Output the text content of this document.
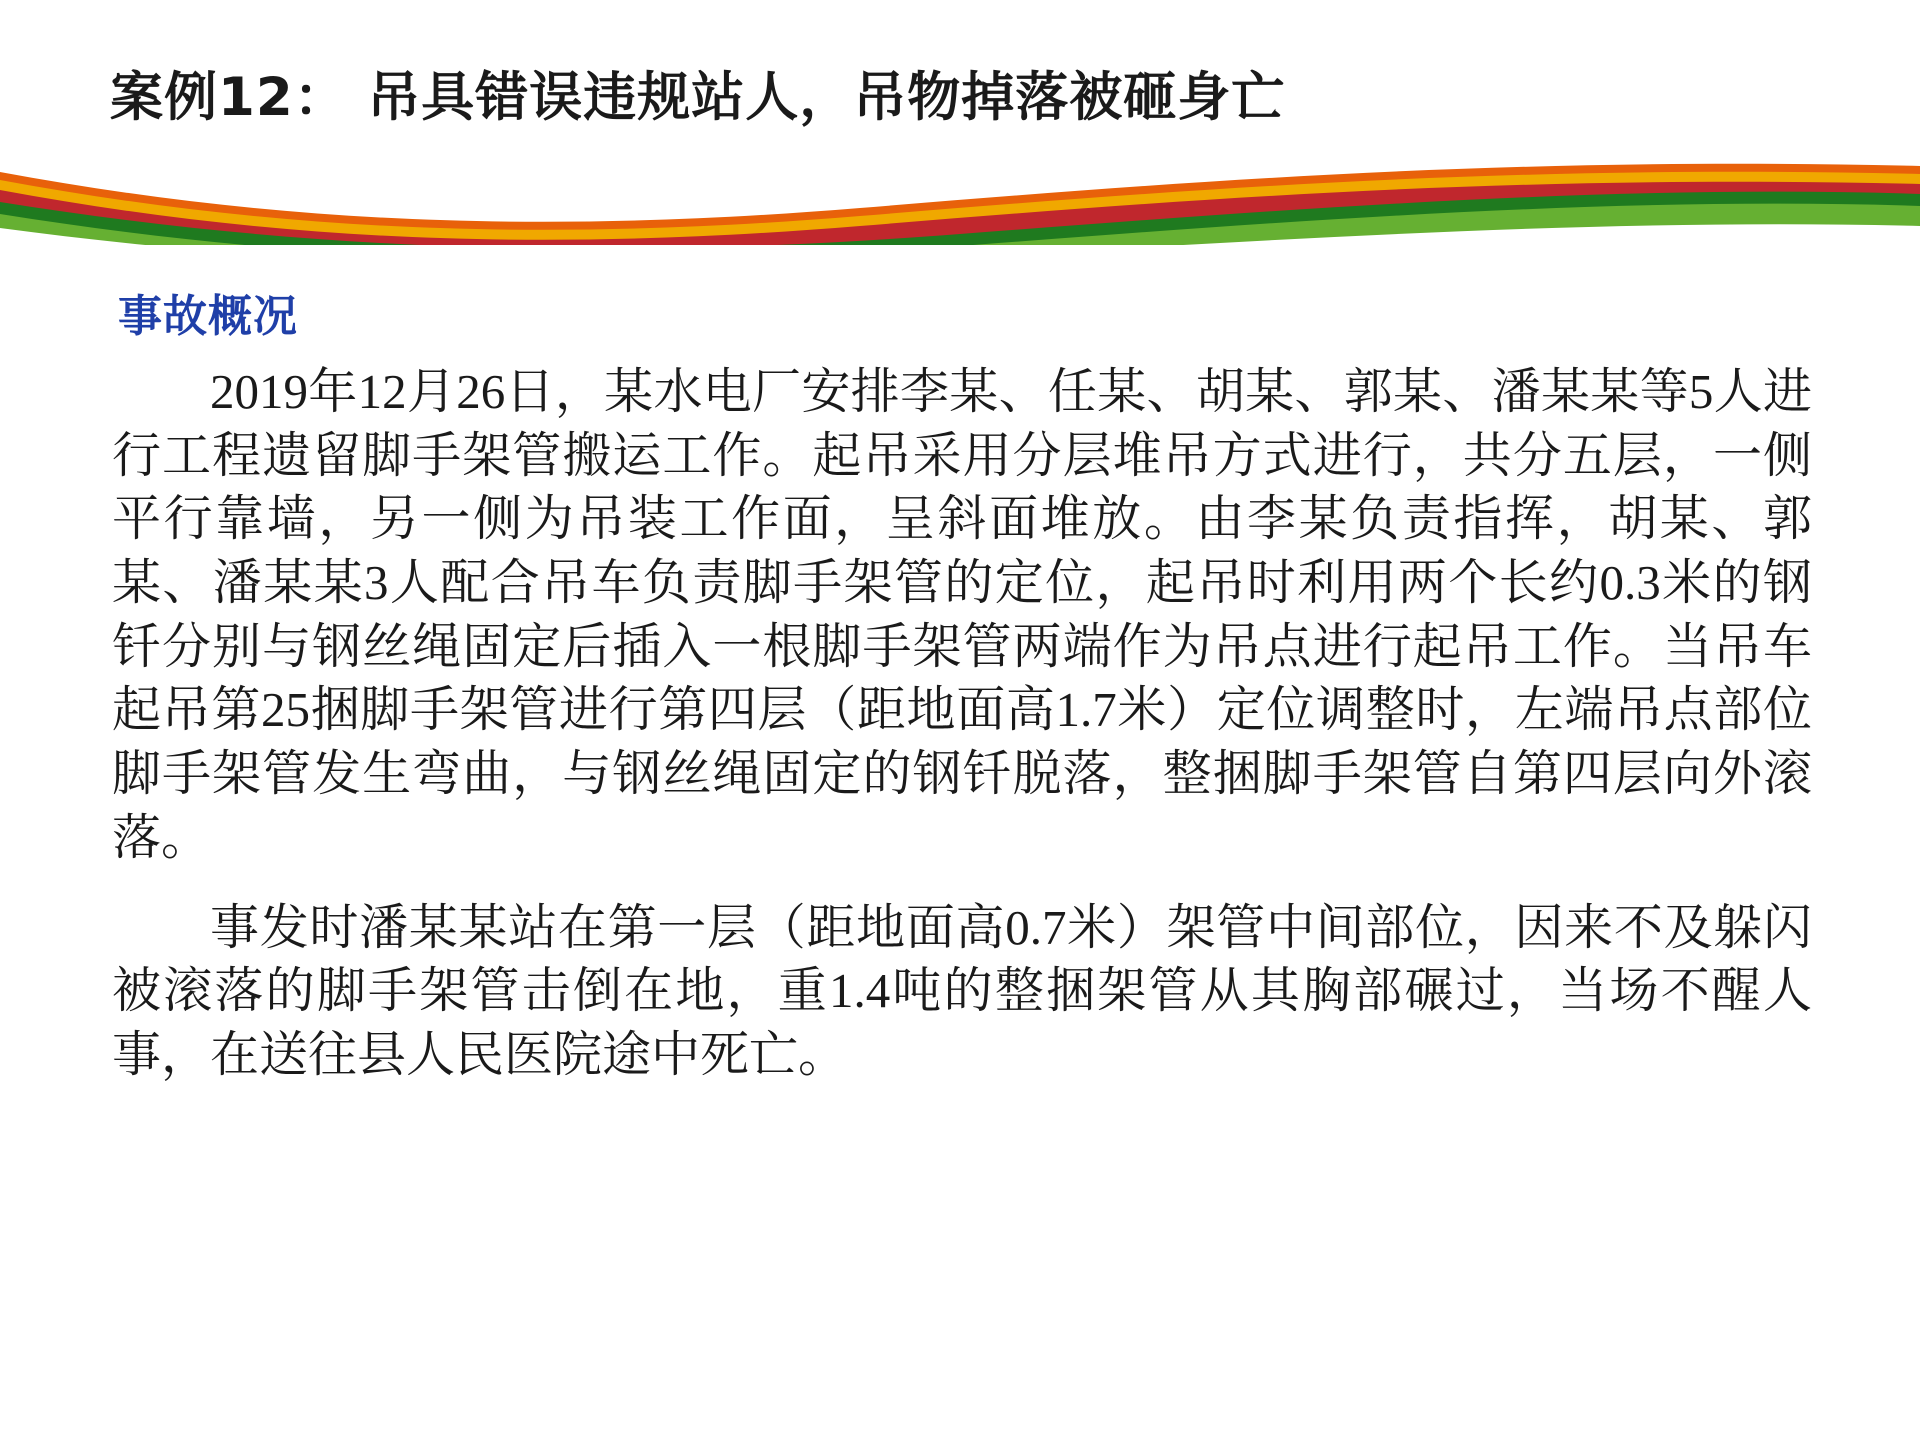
案例12： 吊具错误违规站人，吊物掉落被砸身亡
事故概况

2019年12月26日，某水电厂安排李某、任某、胡某、郭某、潘某某等5人进行工程遗留脚手架管搬运工作。起吊采用分层堆吊方式进行，共分五层，一侧平行靠墙，另一侧为吊装工作面，呈斜面堆放。由李某负责指挥，胡某、郭某、潘某某3人配合吊车负责脚手架管的定位，起吊时利用两个长约0.3米的钢钎分别与钢丝绳固定后插入一根脚手架管两端作为吊点进行起吊工作。当吊车起吊第25捆脚手架管进行第四层（距地面高1.7米）定位调整时，左端吊点部位脚手架管发生弯曲，与钢丝绳固定的钢钎脱落，整捆脚手架管自第四层向外滚落。

事发时潘某某站在第一层（距地面高0.7米）架管中间部位，因来不及躲闪被滚落的脚手架管击倒在地，重1.4吨的整捆架管从其胸部碾过，当场不醒人事，在送往县人民医院途中死亡。
